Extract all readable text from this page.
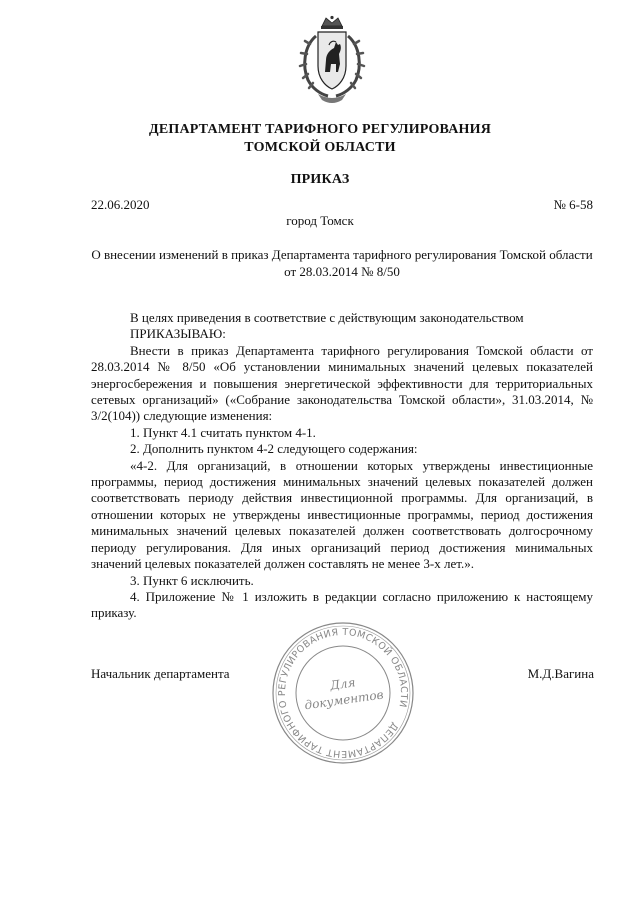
ДЕПАРТАМЕНТ ТАРИФНОГО РЕГУЛИРОВАНИЯ
ТОМСКОЙ ОБЛАСТИ
ПРИКАЗ
22.06.2020	№ 6-58
город Томск
О внесении изменений в приказ Департамента тарифного регулирования Томской области от 28.03.2014 № 8/50

В целях приведения в соответствие с действующим законодательством

ПРИКАЗЫВАЮ:

Внести в приказ Департамента тарифного регулирования Томской области от 28.03.2014 № 8/50 «Об установлении минимальных значений целевых показателей энергосбережения и повышения энергетической эффективности для территориальных сетевых организаций» («Собрание законодательства Томской области», 31.03.2014, № 3/2(104)) следующие изменения:

1. Пункт 4.1 считать пунктом 4-1.

2. Дополнить пунктом 4-2 следующего содержания:

«4-2. Для организаций, в отношении которых утверждены инвестиционные программы, период достижения минимальных значений целевых показателей должен соответствовать периоду действия инвестиционной программы. Для организаций, в отношении которых не утверждены инвестиционные программы, период достижения минимальных значений целевых показателей должен соответствовать долгосрочному периоду регулирования. Для иных организаций период достижения минимальных значений целевых показателей должен составлять не менее 3-х лет.».

3. Пункт 6 исключить.

4. Приложение № 1 изложить в редакции согласно приложению к настоящему приказу.

Начальник департамента	М.Д.Вагина
ДЕПАРТАМЕНТ ТАРИФНОГО РЕГУЛИРОВАНИЯ ТОМСКОЙ ОБЛАСТИ
Для
документов
